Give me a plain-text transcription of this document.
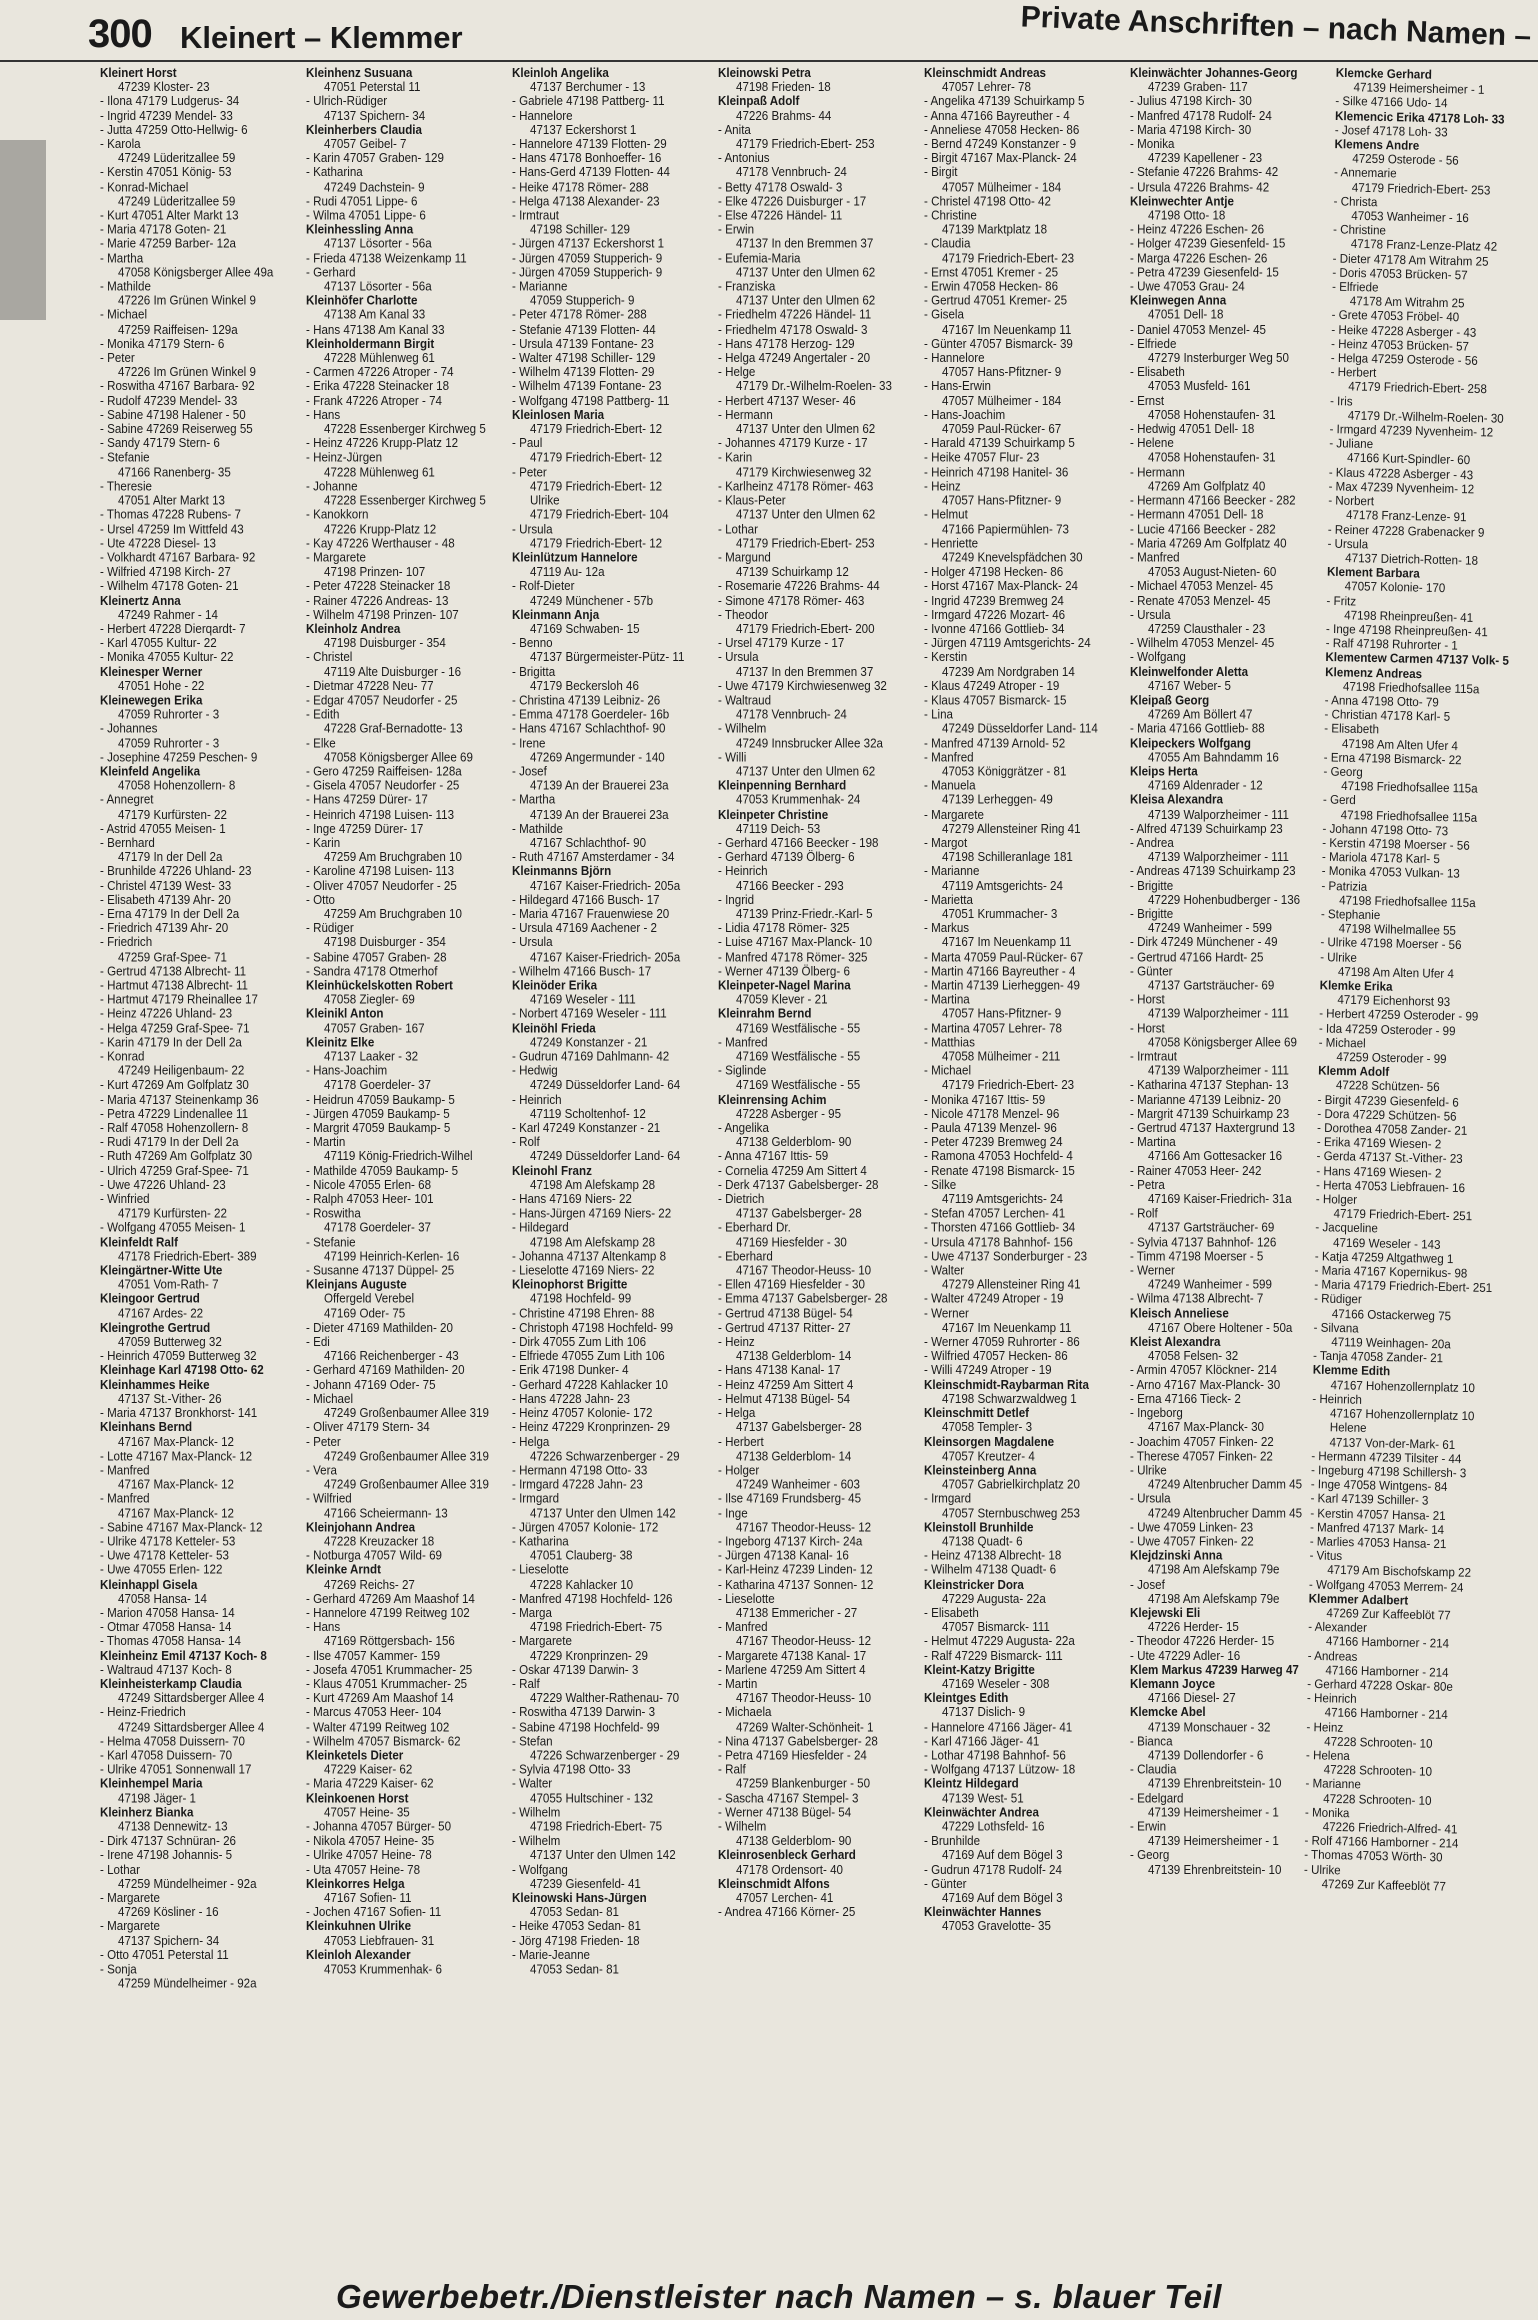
300 Kleinert – Klemmer	Private Anschriften – nach Namen –
Kleinert Horst
47239 Kloster- 23
- Ilona 47179 Ludgerus- 34
- Ingrid 47239 Mendel- 33
- Jutta 47259 Otto-Hellwig- 6
- Karola
47249 Lüderitzallee 59
- Kerstin 47051 König- 53
- Konrad-Michael
47249 Lüderitzallee 59
- Kurt 47051 Alter Markt 13
- Maria 47178 Goten- 21
- Marie 47259 Barber- 12a
- Martha
47058 Königsberger Allee 49a
- Mathilde
47226 Im Grünen Winkel 9
- Michael
47259 Raiffeisen- 129a
- Monika 47179 Stern- 6
- Peter
47226 Im Grünen Winkel 9
- Roswitha 47167 Barbara- 92
- Rudolf 47239 Mendel- 33
- Sabine 47198 Halener - 50
- Sabine 47269 Reiserweg 55
- Sandy 47179 Stern- 6
- Stefanie
47166 Ranenberg- 35
- Theresie
47051 Alter Markt 13
- Thomas 47228 Rubens- 7
- Ursel 47259 Im Wittfeld 43
- Ute 47228 Diesel- 13
- Volkhardt 47167 Barbara- 92
- Wilfried 47198 Kirch- 27
- Wilhelm 47178 Goten- 21
Kleinertz Anna
47249 Rahmer - 14
- Herbert 47228 Dierqardt- 7
- Karl 47055 Kultur- 22
- Monika 47055 Kultur- 22
Kleinesper Werner
47051 Hohe - 22
Kleinewegen Erika
47059 Ruhrorter - 3
- Johannes
47059 Ruhrorter - 3
- Josephine 47259 Peschen- 9
Kleinfeld Angelika
47058 Hohenzollern- 8
- Annegret
47179 Kurfürsten- 22
- Astrid 47055 Meisen- 1
- Bernhard
47179 In der Dell 2a
- Brunhilde 47226 Uhland- 23
- Christel 47139 West- 33
- Elisabeth 47139 Ahr- 20
- Erna 47179 In der Dell 2a
- Friedrich 47139 Ahr- 20
- Friedrich
47259 Graf-Spee- 71
- Gertrud 47138 Albrecht- 11
- Hartmut 47138 Albrecht- 11
- Hartmut 47179 Rheinallee 17
- Heinz 47226 Uhland- 23
- Helga 47259 Graf-Spee- 71
- Karin 47179 In der Dell 2a
- Konrad
47249 Heiligenbaum- 22
- Kurt 47269 Am Golfplatz 30
- Maria 47137 Steinenkamp 36
- Petra 47229 Lindenallee 11
- Ralf 47058 Hohenzollern- 8
- Rudi 47179 In der Dell 2a
- Ruth 47269 Am Golfplatz 30
- Ulrich 47259 Graf-Spee- 71
- Uwe 47226 Uhland- 23
- Winfried
47179 Kurfürsten- 22
- Wolfgang 47055 Meisen- 1
Kleinfeldt Ralf
47178 Friedrich-Ebert- 389
Kleingärtner-Witte Ute
47051 Vom-Rath- 7
Kleingoor Gertrud
47167 Ardes- 22
Kleingrothe Gertrud
47059 Butterweg 32
- Heinrich 47059 Butterweg 32
Kleinhage Karl 47198 Otto- 62
Kleinhammes Heike
47137 St.-Vither- 26
- Maria 47137 Bronkhorst- 141
Kleinhans Bernd
47167 Max-Planck- 12
- Lotte 47167 Max-Planck- 12
- Manfred
47167 Max-Planck- 12
- Manfred
47167 Max-Planck- 12
- Sabine 47167 Max-Planck- 12
- Ulrike 47178 Ketteler- 53
- Uwe 47178 Ketteler- 53
- Uwe 47055 Erlen- 122
Kleinhappl Gisela
47058 Hansa- 14
- Marion 47058 Hansa- 14
- Otmar 47058 Hansa- 14
- Thomas 47058 Hansa- 14
Kleinheinz Emil 47137 Koch- 8
- Waltraud 47137 Koch- 8
Kleinheisterkamp Claudia
47249 Sittardsberger Allee 4
- Heinz-Friedrich
47249 Sittardsberger Allee 4
- Helma 47058 Duissern- 70
- Karl 47058 Duissern- 70
- Ulrike 47051 Sonnenwall 17
Kleinhempel Maria
47198 Jäger- 1
Kleinherz Bianka
47138 Dennewitz- 13
- Dirk 47137 Schnüran- 26
- Irene 47198 Johannis- 5
- Lothar
47259 Mündelheimer - 92a
- Margarete
47269 Kösliner - 16
- Margarete
47137 Spichern- 34
- Otto 47051 Peterstal 11
- Sonja
47259 Mündelheimer - 92a
Kleinhenz Susuana
47051 Peterstal 11
- Ulrich-Rüdiger
47137 Spichern- 34
Kleinherbers Claudia
47057 Geibel- 7
- Karin 47057 Graben- 129
- Katharina
47249 Dachstein- 9
- Rudi 47051 Lippe- 6
- Wilma 47051 Lippe- 6
Kleinhessling Anna
47137 Lösorter - 56a
- Frieda 47138 Weizenkamp 11
- Gerhard
47137 Lösorter - 56a
Kleinhöfer Charlotte
47138 Am Kanal 33
- Hans 47138 Am Kanal 33
Kleinholdermann Birgit
47228 Mühlenweg 61
- Carmen 47226 Atroper - 74
- Erika 47228 Steinacker 18
- Frank 47226 Atroper - 74
- Hans
47228 Essenberger Kirchweg 5
- Heinz 47226 Krupp-Platz 12
- Heinz-Jürgen
47228 Mühlenweg 61
- Johanne
47228 Essenberger Kirchweg 5
- Kanokkorn
47226 Krupp-Platz 12
- Kay 47226 Werthauser - 48
- Margarete
47198 Prinzen- 107
- Peter 47228 Steinacker 18
- Rainer 47226 Andreas- 13
- Wilhelm 47198 Prinzen- 107
Kleinholz Andrea
47198 Duisburger - 354
- Christel
47119 Alte Duisburger - 16
- Dietmar 47228 Neu- 77
- Edgar 47057 Neudorfer - 25
- Edith
47228 Graf-Bernadotte- 13
- Elke
47058 Königsberger Allee 69
- Gero 47259 Raiffeisen- 128a
- Gisela 47057 Neudorfer - 25
- Hans 47259 Dürer- 17
- Heinrich 47198 Luisen- 113
- Inge 47259 Dürer- 17
- Karin
47259 Am Bruchgraben 10
- Karoline 47198 Luisen- 113
- Oliver 47057 Neudorfer - 25
- Otto
47259 Am Bruchgraben 10
- Rüdiger
47198 Duisburger - 354
- Sabine 47057 Graben- 28
- Sandra 47178 Otmerhof
Kleinhückelskotten Robert
47058 Ziegler- 69
Kleinikl Anton
47057 Graben- 167
Kleinitz Elke
47137 Laaker - 32
- Hans-Joachim
47178 Goerdeler- 37
- Heidrun 47059 Baukamp- 5
- Jürgen 47059 Baukamp- 5
- Margrit 47059 Baukamp- 5
- Martin
47119 König-Friedrich-Wilhel
- Mathilde 47059 Baukamp- 5
- Nicole 47055 Erlen- 68
- Ralph 47053 Heer- 101
- Roswitha
47178 Goerdeler- 37
- Stefanie
47199 Heinrich-Kerlen- 16
- Susanne 47137 Düppel- 25
Kleinjans Auguste
Offergeld Verebel
47169 Oder- 75
- Dieter 47169 Mathilden- 20
- Edi
47166 Reichenberger - 43
- Gerhard 47169 Mathilden- 20
- Johann 47169 Oder- 75
- Michael
47249 Großenbaumer Allee 319
- Oliver 47179 Stern- 34
- Peter
47249 Großenbaumer Allee 319
- Vera
47249 Großenbaumer Allee 319
- Wilfried
47166 Scheiermann- 13
Kleinjohann Andrea
47228 Kreuzacker 18
- Notburga 47057 Wild- 69
Kleinke Arndt
47269 Reichs- 27
- Gerhard 47269 Am Maashof 14
- Hannelore 47199 Reitweg 102
- Hans
47169 Röttgersbach- 156
- Ilse 47057 Kammer- 159
- Josefa 47051 Krummacher- 25
- Klaus 47051 Krummacher- 25
- Kurt 47269 Am Maashof 14
- Marcus 47053 Heer- 104
- Walter 47199 Reitweg 102
- Wilhelm 47057 Bismarck- 62
Kleinketels Dieter
47229 Kaiser- 62
- Maria 47229 Kaiser- 62
Kleinkoenen Horst
47057 Heine- 35
- Johanna 47057 Bürger- 50
- Nikola 47057 Heine- 35
- Ulrike 47057 Heine- 78
- Uta 47057 Heine- 78
Kleinkorres Helga
47167 Sofien- 11
- Jochen 47167 Sofien- 11
Kleinkuhnen Ulrike
47053 Liebfrauen- 31
Kleinloh Alexander
47053 Krummenhak- 6
Kleinloh Angelika
47137 Berchumer - 13
- Gabriele 47198 Pattberg- 11
- Hannelore
47137 Eckershorst 1
- Hannelore 47139 Flotten- 29
- Hans 47178 Bonhoeffer- 16
- Hans-Gerd 47139 Flotten- 44
- Heike 47178 Römer- 288
- Helga 47138 Alexander- 23
- Irmtraut
47198 Schiller- 129
- Jürgen 47137 Eckershorst 1
- Jürgen 47059 Stupperich- 9
- Jürgen 47059 Stupperich- 9
- Marianne
47059 Stupperich- 9
- Peter 47178 Römer- 288
- Stefanie 47139 Flotten- 44
- Ursula 47139 Fontane- 23
- Walter 47198 Schiller- 129
- Wilhelm 47139 Flotten- 29
- Wilhelm 47139 Fontane- 23
- Wolfgang 47198 Pattberg- 11
Kleinlosen Maria
47179 Friedrich-Ebert- 12
- Paul
47179 Friedrich-Ebert- 12
- Peter
47179 Friedrich-Ebert- 12
Ulrike
47179 Friedrich-Ebert- 104
- Ursula
47179 Friedrich-Ebert- 12
Kleinlützum Hannelore
47119 Au- 12a
- Rolf-Dieter
47249 Münchener - 57b
Kleinmann Anja
47169 Schwaben- 15
- Benno
47137 Bürgermeister-Pütz- 11
- Brigitta
47179 Beckersloh 46
- Christina 47139 Leibniz- 26
- Emma 47178 Goerdeler- 16b
- Hans 47167 Schlachthof- 90
- Irene
47269 Angermunder - 140
- Josef
47139 An der Brauerei 23a
- Martha
47139 An der Brauerei 23a
- Mathilde
47167 Schlachthof- 90
- Ruth 47167 Amsterdamer - 34
Kleinmanns Björn
47167 Kaiser-Friedrich- 205a
- Hildegard 47166 Busch- 17
- Maria 47167 Frauenwiese 20
- Ursula 47169 Aachener - 2
- Ursula
47167 Kaiser-Friedrich- 205a
- Wilhelm 47166 Busch- 17
Kleinöder Erika
47169 Weseler - 111
- Norbert 47169 Weseler - 111
Kleinöhl Frieda
47249 Konstanzer - 21
- Gudrun 47169 Dahlmann- 42
- Hedwig
47249 Düsseldorfer Land- 64
- Heinrich
47119 Scholtenhof- 12
- Karl 47249 Konstanzer - 21
- Rolf
47249 Düsseldorfer Land- 64
Kleinohl Franz
47198 Am Alefskamp 28
- Hans 47169 Niers- 22
- Hans-Jürgen 47169 Niers- 22
- Hildegard
47198 Am Alefskamp 28
- Johanna 47137 Altenkamp 8
- Lieselotte 47169 Niers- 22
Kleinophorst Brigitte
47198 Hochfeld- 99
- Christine 47198 Ehren- 88
- Christoph 47198 Hochfeld- 99
- Dirk 47055 Zum Lith 106
- Elfriede 47055 Zum Lith 106
- Erik 47198 Dunker- 4
- Gerhard 47228 Kahlacker 10
- Hans 47228 Jahn- 23
- Heinz 47057 Kolonie- 172
- Heinz 47229 Kronprinzen- 29
- Helga
47226 Schwarzenberger - 29
- Hermann 47198 Otto- 33
- Irmgard 47228 Jahn- 23
- Irmgard
47137 Unter den Ulmen 142
- Jürgen 47057 Kolonie- 172
- Katharina
47051 Clauberg- 38
- Lieselotte
47228 Kahlacker 10
- Manfred 47198 Hochfeld- 126
- Marga
47198 Friedrich-Ebert- 75
- Margarete
47229 Kronprinzen- 29
- Oskar 47139 Darwin- 3
- Ralf
47229 Walther-Rathenau- 70
- Roswitha 47139 Darwin- 3
- Sabine 47198 Hochfeld- 99
- Stefan
47226 Schwarzenberger - 29
- Sylvia 47198 Otto- 33
- Walter
47055 Hultschiner - 132
- Wilhelm
47198 Friedrich-Ebert- 75
- Wilhelm
47137 Unter den Ulmen 142
- Wolfgang
47239 Giesenfeld- 41
Kleinowski Hans-Jürgen
47053 Sedan- 81
- Heike 47053 Sedan- 81
- Jörg 47198 Frieden- 18
- Marie-Jeanne
47053 Sedan- 81
Kleinowski Petra
47198 Frieden- 18
Kleinpaß Adolf
47226 Brahms- 44
- Anita
47179 Friedrich-Ebert- 253
- Antonius
47178 Vennbruch- 24
- Betty 47178 Oswald- 3
- Elke 47226 Duisburger - 17
- Else 47226 Händel- 11
- Erwin
47137 In den Bremmen 37
- Eufemia-Maria
47137 Unter den Ulmen 62
- Franziska
47137 Unter den Ulmen 62
- Friedhelm 47226 Händel- 11
- Friedhelm 47178 Oswald- 3
- Hans 47178 Herzog- 129
- Helga 47249 Angertaler - 20
- Helge
47179 Dr.-Wilhelm-Roelen- 33
- Herbert 47137 Weser- 46
- Hermann
47137 Unter den Ulmen 62
- Johannes 47179 Kurze - 17
- Karin
47179 Kirchwiesenweg 32
- Karlheinz 47178 Römer- 463
- Klaus-Peter
47137 Unter den Ulmen 62
- Lothar
47179 Friedrich-Ebert- 253
- Margund
47139 Schuirkamp 12
- Rosemarie 47226 Brahms- 44
- Simone 47178 Römer- 463
- Theodor
47179 Friedrich-Ebert- 200
- Ursel 47179 Kurze - 17
- Ursula
47137 In den Bremmen 37
- Uwe 47179 Kirchwiesenweg 32
- Waltraud
47178 Vennbruch- 24
- Wilhelm
47249 Innsbrucker Allee 32a
- Willi
47137 Unter den Ulmen 62
Kleinpenning Bernhard
47053 Krummenhak- 24
Kleinpeter Christine
47119 Deich- 53
- Gerhard 47166 Beecker - 198
- Gerhard 47139 Ölberg- 6
- Heinrich
47166 Beecker - 293
- Ingrid
47139 Prinz-Friedr.-Karl- 5
- Lidia 47178 Römer- 325
- Luise 47167 Max-Planck- 10
- Manfred 47178 Römer- 325
- Werner 47139 Ölberg- 6
Kleinpeter-Nagel Marina
47059 Klever - 21
Kleinrahm Bernd
47169 Westfälische - 55
- Manfred
47169 Westfälische - 55
- Siglinde
47169 Westfälische - 55
Kleinrensing Achim
47228 Asberger - 95
- Angelika
47138 Gelderblom- 90
- Anna 47167 Ittis- 59
- Cornelia 47259 Am Sittert 4
- Derk 47137 Gabelsberger- 28
- Dietrich
47137 Gabelsberger- 28
- Eberhard Dr.
47169 Hiesfelder - 30
- Eberhard
47167 Theodor-Heuss- 10
- Ellen 47169 Hiesfelder - 30
- Emma 47137 Gabelsberger- 28
- Gertrud 47138 Bügel- 54
- Gertrud 47137 Ritter- 27
- Heinz
47138 Gelderblom- 14
- Hans 47138 Kanal- 17
- Heinz 47259 Am Sittert 4
- Helmut 47138 Bügel- 54
- Helga
47137 Gabelsberger- 28
- Herbert
47138 Gelderblom- 14
- Holger
47249 Wanheimer - 603
- Ilse 47169 Frundsberg- 45
- Inge
47167 Theodor-Heuss- 12
- Ingeborg 47137 Kirch- 24a
- Jürgen 47138 Kanal- 16
- Karl-Heinz 47239 Linden- 12
- Katharina 47137 Sonnen- 12
- Lieselotte
47138 Emmericher - 27
- Manfred
47167 Theodor-Heuss- 12
- Margarete 47138 Kanal- 17
- Marlene 47259 Am Sittert 4
- Martin
47167 Theodor-Heuss- 10
- Michaela
47269 Walter-Schönheit- 1
- Nina 47137 Gabelsberger- 28
- Petra 47169 Hiesfelder - 24
- Ralf
47259 Blankenburger - 50
- Sascha 47167 Stempel- 3
- Werner 47138 Bügel- 54
- Wilhelm
47138 Gelderblom- 90
Kleinrosenbleck Gerhard
47178 Ordensort- 40
Kleinschmidt Alfons
47057 Lerchen- 41
- Andrea 47166 Körner- 25
Kleinschmidt Andreas
47057 Lehrer- 78
- Angelika 47139 Schuirkamp 5
- Anna 47166 Bayreuther - 4
- Anneliese 47058 Hecken- 86
- Bernd 47249 Konstanzer - 9
- Birgit 47167 Max-Planck- 24
- Birgit
47057 Mülheimer - 184
- Christel 47198 Otto- 42
- Christine
47139 Marktplatz 18
- Claudia
47179 Friedrich-Ebert- 23
- Ernst 47051 Kremer - 25
- Erwin 47058 Hecken- 86
- Gertrud 47051 Kremer- 25
- Gisela
47167 Im Neuenkamp 11
- Günter 47057 Bismarck- 39
- Hannelore
47057 Hans-Pfitzner- 9
- Hans-Erwin
47057 Mülheimer - 184
- Hans-Joachim
47059 Paul-Rücker- 67
- Harald 47139 Schuirkamp 5
- Heike 47057 Flur- 23
- Heinrich 47198 Hanitel- 36
- Heinz
47057 Hans-Pfitzner- 9
- Helmut
47166 Papiermühlen- 73
- Henriette
47249 Knevelspfädchen 30
- Holger 47198 Hecken- 86
- Horst 47167 Max-Planck- 24
- Ingrid 47239 Bremweg 24
- Irmgard 47226 Mozart- 46
- Ivonne 47166 Gottlieb- 34
- Jürgen 47119 Amtsgerichts- 24
- Kerstin
47239 Am Nordgraben 14
- Klaus 47249 Atroper - 19
- Klaus 47057 Bismarck- 15
- Lina
47249 Düsseldorfer Land- 114
- Manfred 47139 Arnold- 52
- Manfred
47053 Königgrätzer - 81
- Manuela
47139 Lerheggen- 49
- Margarete
47279 Allensteiner Ring 41
- Margot
47198 Schilleranlage 181
- Marianne
47119 Amtsgerichts- 24
- Marietta
47051 Krummacher- 3
- Markus
47167 Im Neuenkamp 11
- Marta 47059 Paul-Rücker- 67
- Martin 47166 Bayreuther - 4
- Martin 47139 Lierheggen- 49
- Martina
47057 Hans-Pfitzner- 9
- Martina 47057 Lehrer- 78
- Matthias
47058 Mülheimer - 211
- Michael
47179 Friedrich-Ebert- 23
- Monika 47167 Ittis- 59
- Nicole 47178 Menzel- 96
- Paula 47139 Menzel- 96
- Peter 47239 Bremweg 24
- Ramona 47053 Hochfeld- 4
- Renate 47198 Bismarck- 15
- Silke
47119 Amtsgerichts- 24
- Stefan 47057 Lerchen- 41
- Thorsten 47166 Gottlieb- 34
- Ursula 47178 Bahnhof- 156
- Uwe 47137 Sonderburger - 23
- Walter
47279 Allensteiner Ring 41
- Walter 47249 Atroper - 19
- Werner
47167 Im Neuenkamp 11
- Werner 47059 Ruhrorter - 86
- Wilfried 47057 Hecken- 86
- Willi 47249 Atroper - 19
Kleinschmidt-Raybarman Rita
47198 Schwarzwaldweg 1
Kleinschmitt Detlef
47058 Templer- 3
Kleinsorgen Magdalene
47057 Kreutzer- 4
Kleinsteinberg Anna
47057 Gabrielkirchplatz 20
- Irmgard
47057 Sternbuschweg 253
Kleinstoll Brunhilde
47138 Quadt- 6
- Heinz 47138 Albrecht- 18
- Wilhelm 47138 Quadt- 6
Kleinstricker Dora
47229 Augusta- 22a
- Elisabeth
47057 Bismarck- 111
- Helmut 47229 Augusta- 22a
- Ralf 47229 Bismarck- 111
Kleint-Katzy Brigitte
47169 Weseler - 308
Kleintges Edith
47137 Dislich- 9
- Hannelore 47166 Jäger- 41
- Karl 47166 Jäger- 41
- Lothar 47198 Bahnhof- 56
- Wolfgang 47137 Lützow- 18
Kleintz Hildegard
47139 West- 51
Kleinwächter Andrea
47229 Lothsfeld- 16
- Brunhilde
47169 Auf dem Bögel 3
- Gudrun 47178 Rudolf- 24
- Günter
47169 Auf dem Bögel 3
Kleinwächter Hannes
47053 Gravelotte- 35
Kleinwächter Johannes-Georg
47239 Graben- 117
- Julius 47198 Kirch- 30
- Manfred 47178 Rudolf- 24
- Maria 47198 Kirch- 30
- Monika
47239 Kapellener - 23
- Stefanie 47226 Brahms- 42
- Ursula 47226 Brahms- 42
Kleinwechter Antje
47198 Otto- 18
- Heinz 47226 Eschen- 26
- Holger 47239 Giesenfeld- 15
- Marga 47226 Eschen- 26
- Petra 47239 Giesenfeld- 15
- Uwe 47053 Grau- 24
Kleinwegen Anna
47051 Dell- 18
- Daniel 47053 Menzel- 45
- Elfriede
47279 Insterburger Weg 50
- Elisabeth
47053 Musfeld- 161
- Ernst
47058 Hohenstaufen- 31
- Hedwig 47051 Dell- 18
- Helene
47058 Hohenstaufen- 31
- Hermann
47269 Am Golfplatz 40
- Hermann 47166 Beecker - 282
- Hermann 47051 Dell- 18
- Lucie 47166 Beecker - 282
- Maria 47269 Am Golfplatz 40
- Manfred
47053 August-Nieten- 60
- Michael 47053 Menzel- 45
- Renate 47053 Menzel- 45
- Ursula
47259 Clausthaler - 23
- Wilhelm 47053 Menzel- 45
- Wolfgang
Kleinwelfonder Aletta
47167 Weber- 5
Kleipaß Georg
47269 Am Böllert 47
- Maria 47166 Gottlieb- 88
Kleipeckers Wolfgang
47055 Am Bahndamm 16
Kleips Herta
47169 Aldenrader - 12
Kleisa Alexandra
47139 Walporzheimer - 111
- Alfred 47139 Schuirkamp 23
- Andrea
47139 Walporzheimer - 111
- Andreas 47139 Schuirkamp 23
- Brigitte
47229 Hohenbudberger - 136
- Brigitte
47249 Wanheimer - 599
- Dirk 47249 Münchener - 49
- Gertrud 47166 Hardt- 25
- Günter
47137 Gartsträucher- 69
- Horst
47139 Walporzheimer - 111
- Horst
47058 Königsberger Allee 69
- Irmtraut
47139 Walporzheimer - 111
- Katharina 47137 Stephan- 13
- Marianne 47139 Leibniz- 20
- Margrit 47139 Schuirkamp 23
- Gertrud 47137 Haxtergrund 13
- Martina
47166 Am Gottesacker 16
- Rainer 47053 Heer- 242
- Petra
47169 Kaiser-Friedrich- 31a
- Rolf
47137 Gartsträucher- 69
- Sylvia 47137 Bahnhof- 126
- Timm 47198 Moerser - 5
- Werner
47249 Wanheimer - 599
- Wilma 47138 Albrecht- 7
Kleisch Anneliese
47167 Obere Holtener - 50a
Kleist Alexandra
47058 Felsen- 32
- Armin 47057 Klöckner- 214
- Arno 47167 Max-Planck- 30
- Erna 47166 Tieck- 2
- Ingeborg
47167 Max-Planck- 30
- Joachim 47057 Finken- 22
- Therese 47057 Finken- 22
- Ulrike
47249 Altenbrucher Damm 45
- Ursula
47249 Altenbrucher Damm 45
- Uwe 47059 Linken- 23
- Uwe 47057 Finken- 22
Klejdzinski Anna
47198 Am Alefskamp 79e
- Josef
47198 Am Alefskamp 79e
Klejewski Eli
47226 Herder- 15
- Theodor 47226 Herder- 15
- Ute 47229 Adler- 16
Klem Markus 47239 Harweg 47
Klemann Joyce
47166 Diesel- 27
Klemcke Abel
47139 Monschauer - 32
- Bianca
47139 Dollendorfer - 6
- Claudia
47139 Ehrenbreitstein- 10
- Edelgard
47139 Heimersheimer - 1
- Erwin
47139 Heimersheimer - 1
- Georg
47139 Ehrenbreitstein- 10
Klemcke Gerhard
47139 Heimersheimer - 1
- Silke 47166 Udo- 14
Klemencic Erika 47178 Loh- 33
- Josef 47178 Loh- 33
Klemens Andre
47259 Osterode - 56
- Annemarie
47179 Friedrich-Ebert- 253
- Christa
47053 Wanheimer - 16
- Christine
47178 Franz-Lenze-Platz 42
- Dieter 47178 Am Witrahm 25
- Doris 47053 Brücken- 57
- Elfriede
47178 Am Witrahm 25
- Grete 47053 Fröbel- 40
- Heike 47228 Asberger - 43
- Heinz 47053 Brücken- 57
- Helga 47259 Osterode - 56
- Herbert
47179 Friedrich-Ebert- 258
- Iris
47179 Dr.-Wilhelm-Roelen- 30
- Irmgard 47239 Nyvenheim- 12
- Juliane
47166 Kurt-Spindler- 60
- Klaus 47228 Asberger - 43
- Max 47239 Nyvenheim- 12
- Norbert
47178 Franz-Lenze- 91
- Reiner 47228 Grabenacker 9
- Ursula
47137 Dietrich-Rotten- 18
Klement Barbara
47057 Kolonie- 170
- Fritz
47198 Rheinpreußen- 41
- Inge 47198 Rheinpreußen- 41
- Ralf 47198 Ruhrorter - 1
Klementew Carmen 47137 Volk- 5
Klemenz Andreas
47198 Friedhofsallee 115a
- Anna 47198 Otto- 79
- Christian 47178 Karl- 5
- Elisabeth
47198 Am Alten Ufer 4
- Erna 47198 Bismarck- 22
- Georg
47198 Friedhofsallee 115a
- Gerd
47198 Friedhofsallee 115a
- Johann 47198 Otto- 73
- Kerstin 47198 Moerser - 56
- Mariola 47178 Karl- 5
- Monika 47053 Vulkan- 13
- Patrizia
47198 Friedhofsallee 115a
- Stephanie
47198 Wilhelmallee 55
- Ulrike 47198 Moerser - 56
- Ulrike
47198 Am Alten Ufer 4
Klemke Erika
47179 Eichenhorst 93
- Herbert 47259 Osteroder - 99
- Ida 47259 Osteroder - 99
- Michael
47259 Osteroder - 99
Klemm Adolf
47228 Schützen- 56
- Birgit 47239 Giesenfeld- 6
- Dora 47229 Schützen- 56
- Dorothea 47058 Zander- 21
- Erika 47169 Wiesen- 2
- Gerda 47137 St.-Vither- 23
- Hans 47169 Wiesen- 2
- Herta 47053 Liebfrauen- 16
- Holger
47179 Friedrich-Ebert- 251
- Jacqueline
47169 Weseler - 143
- Katja 47259 Altgathweg 1
- Maria 47167 Kopernikus- 98
- Maria 47179 Friedrich-Ebert- 251
- Rüdiger
47166 Ostackerweg 75
- Silvana
47119 Weinhagen- 20a
- Tanja 47058 Zander- 21
Klemme Edith
47167 Hohenzollernplatz 10
- Heinrich
47167 Hohenzollernplatz 10
Helene
47137 Von-der-Mark- 61
- Hermann 47239 Tilsiter - 44
- Ingeburg 47198 Schillersh- 3
- Inge 47058 Wintgens- 84
- Karl 47139 Schiller- 3
- Kerstin 47057 Hansa- 21
- Manfred 47137 Mark- 14
- Marlies 47053 Hansa- 21
- Vitus
47179 Am Bischofskamp 22
- Wolfgang 47053 Merrem- 24
Klemmer Adalbert
47269 Zur Kaffeeblöt 77
- Alexander
47166 Hamborner - 214
- Andreas
47166 Hamborner - 214
- Gerhard 47228 Oskar- 80e
- Heinrich
47166 Hamborner - 214
- Heinz
47228 Schrooten- 10
- Helena
47228 Schrooten- 10
- Marianne
47228 Schrooten- 10
- Monika
47226 Friedrich-Alfred- 41
- Rolf 47166 Hamborner - 214
- Thomas 47053 Wörth- 30
- Ulrike
47269 Zur Kaffeeblöt 77
Gewerbebetr./Dienstleister nach Namen – s. blauer Teil
